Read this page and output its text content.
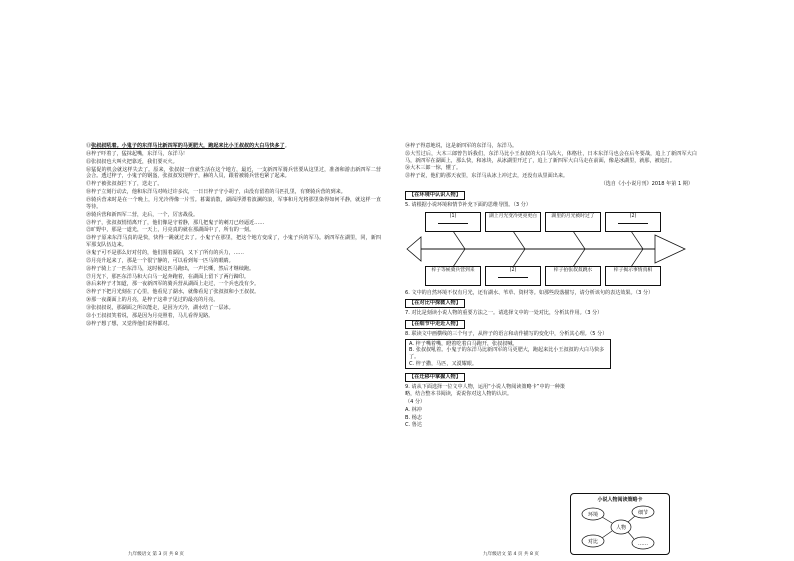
⑬张叔叔吼着。小鬼子的东洋马比新四军的马更肥大，跑起来比小王叔叔的大白马快多了。
⑭梓子吓着了，猛抹起嘴，东洋马，东洋马！
⑮张叔叔也大叫火把靠近，我们要灭火。
⑯猛促的机会就这样失去了。原来，张叔叔一直就生活在这个地方，最近，一支新四军骑兵营要从这里过，准备和游击新四军二营会合。透过梓子，小鬼子的钢盔，张叔叔发现梓子，赫的人员，跟着被骑兵营也紧了起来。
⑰梓子被张叔叔拦下了，送走了。
⑱梓子立刻行动去，他和东洋马对峙过许多次，一日日梓子守小胡子，由没有留着的马匹扎里，有赛骑兵营的到来。
⑲骑兵营来时是在一个晚上，月光冷得像一片雪。暮霭消散，湖面浮漂着波澜的浪，军事和月光将那里染得如何平静，就这样一直等待。
⑳骑兵营和新四军二营，走后，一个，厉害战役。
㉑梓子，张叔叔悄悄离开了，他们像是守着静，那几把鬼子的刺刀已经逼近……
㉒旷野中，那是一道光，一天上，月亮真的就在那湖面中了，所有的一刻。
㉓梓子原来东洋马真的是快，快得一跳就过去了。小鬼子在那里，把这个地方变成了，小鬼子兵的军马。新四军在湖里，同，新四军那支队伍边来。
㉔鬼子可不是那么好对付的，他们围着湖泊，又下了所有的兵力，……
㉕月亮升起来了，那是一个很宁静的，可以看到每一匹马的眼睛。
㉖梓子骑上了一匹东洋马，这时候这匹马跑出，一声长嘶，然后才继续跑。
㉗月光下，那匹东洋马和大白马一起奔跑着，在湖面上留下了两行蹄印。
㉘后来梓子才知道，那一夜新四军的骑兵营从湖面上走过，一个兵也没有少。
㉙梓子下把月光刻在了心里，他看见了湖水，就像看见了张叔叔和小王叔叔。
㉚那一夜湖面上的月亮，是梓子这辈子见过的最亮的月亮。
㉛张叔叔说，那湖面之所以能走，是因为天冷，湖水结了一层冰。
㉜小王叔叔笑着说，那是因为月亮照着，马儿看得见路。
㉝梓子想了想，又觉得他们说得都对。
九年级语文 第 3 页 共 8 页
㉞梓子得意地说，这是新四军的东洋马，东洋马。
㉟大雪过后，大木三郎曾告诉我们，东洋马比小王叔叔的大白马高大，体格壮，日本东洋马也会在后冬要战，追上了新四军大白马，新四军在湖面上，那么快，和冰块，从冰湖里开过了，追上了新四军大白马走在前面，像是冰湖里，就那，被追打。
㊱大木三郎一惊，懂了。
㊲梓子说，他们的那天夜里，东洋马从冰上冲过去，还没有从里面出来。
（选自《小小说月刊》2018 年第 1 期）
【在环境中认识人物】
5. 请根据小说环境和情节补充下面的思维导图。（3 分）
(1)	湖上月光变冷更亮更白	湖里的月光被时过了	(2)

梓子等候骑兵营到来	(2)	梓子拍张叔叔跳水	梓子揭示事情真相
6. 文中的自然环境不仅有月光，还有湖水、苇草、资材等。如那些段落描写，请分析该句的表达效果。（3 分）
【在对比中探微人物】
7. 对比是刻读小说人物的重要方法之一。请选择文中的一处对比，分析其作用。（3 分）
【在细节中走近人物】
8. 联读文中画横线的三个句子，从梓子的语言和动作描写的变化中，分析其心理。（5 分）
A. 梓子嘴着嘴，瞪着吃着白马跑开，张叔叔喊。
B. 张叔叔吼着。小鬼子的东洋马比新四军的马更肥大，跑起来比小王叔叔的大白马快多了。
C. 梓子撒，马匹，又漠耀眼。
【在迁移中掌握人物】
9. 请从下面选择一位文中人物，运用“小说人物阅读策略卡”中的一种策略，结合整本书阅读，说说你对这人物的认识。
（4 分）
A. 林冲
B. 杨志
C. 鲁达
小说人物阅读策略卡
人物
环境	细节
对比	……
九年级语文 第 4 页 共 8 页
